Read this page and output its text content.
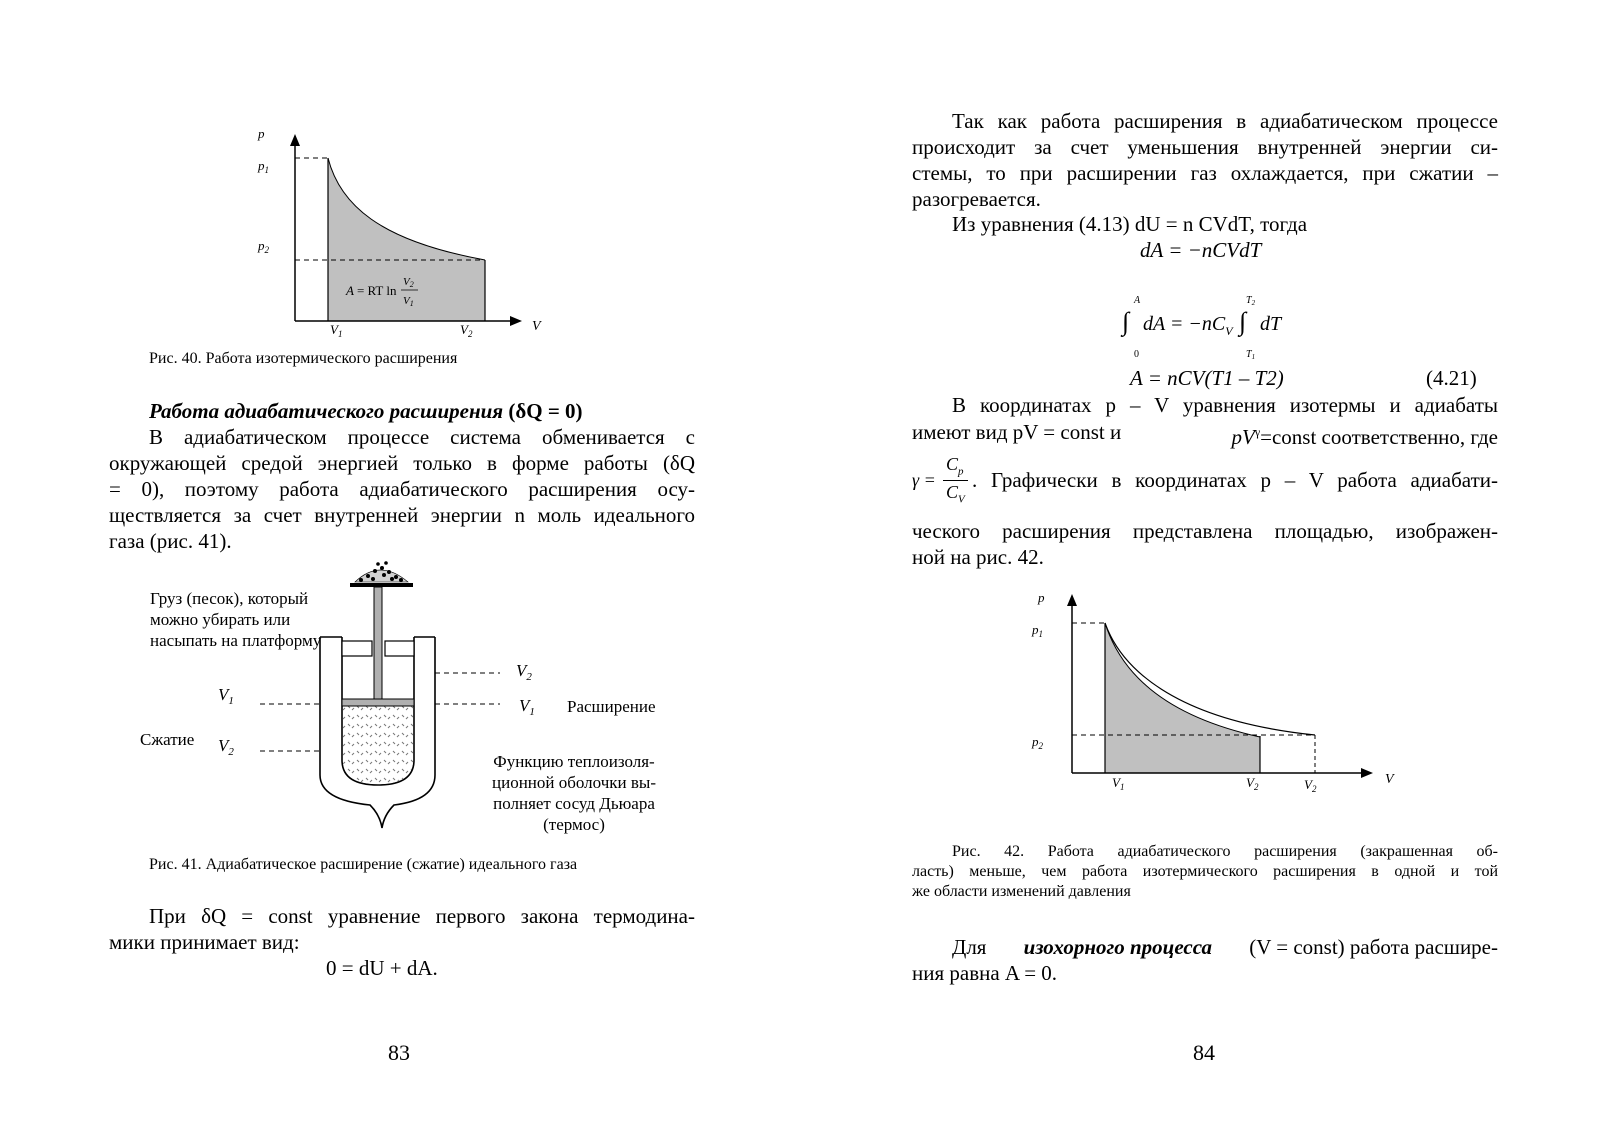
p
$p_1$
$p_2$
V
$V_1$	$V_2$
A = RT ln
V2
V1
Рис. 40. Работа изотермического расширения
Работа адиабатического расширения (δQ = 0)

В адиабатическом процессе система обменивается с

окружающей средой энергией только в форме работы (δQ

= 0), поэтому работа адиабатического расширения осу-

ществляется за счет внутренней энергии n моль идеального

газа (рис. 41).

$V_2$
$V_1$
$V_1$
$V_2$
Груз (песок), который
можно убирать или
насыпать на платформу
Расширение
Сжатие
Функцию теплоизоля-
ционной оболочки вы-
полняет сосуд Дьюара
(термос)
Рис. 41. Адиабатическое расширение (сжатие) идеального газа

При δQ = const уравнение первого закона термодина-

мики принимает вид:

0 = dU + dA.
83

Так как работа расширения в адиабатическом процессе

происходит за счет уменьшения внутренней энергии си-

стемы, то при расширении газ охлаждается, при сжатии –

разогревается.

Из уравнения (4.13) dU = n CVdT, тогда
dA = −nCVdT
A
∫
0
dA = $-nC_V$
$T_2$
∫
$T_1$
dT
A = nCV(T1 – T2)	(4.21)

В координатах p – V уравнения изотермы и адиабаты

имеют вид pV = const и	$pV^\gamma=const$ соответственно, где
γ =
$C_p$
$C_V$
. Графически в координатах p – V работа адиабати-

ческого расширения представлена площадью, изображен-

ной на рис. 42.

p
$p_1$
$p_2$
V
$V_1$	$V_2$	$V_2$
Рис. 42. Работа адиабатического расширения (закрашенная об-
ласть) меньше, чем работа изотермического расширения в одной и той
же области изменений давления
Для изохорного процесса (V = const) работа расшире-
ния равна A = 0.
84
